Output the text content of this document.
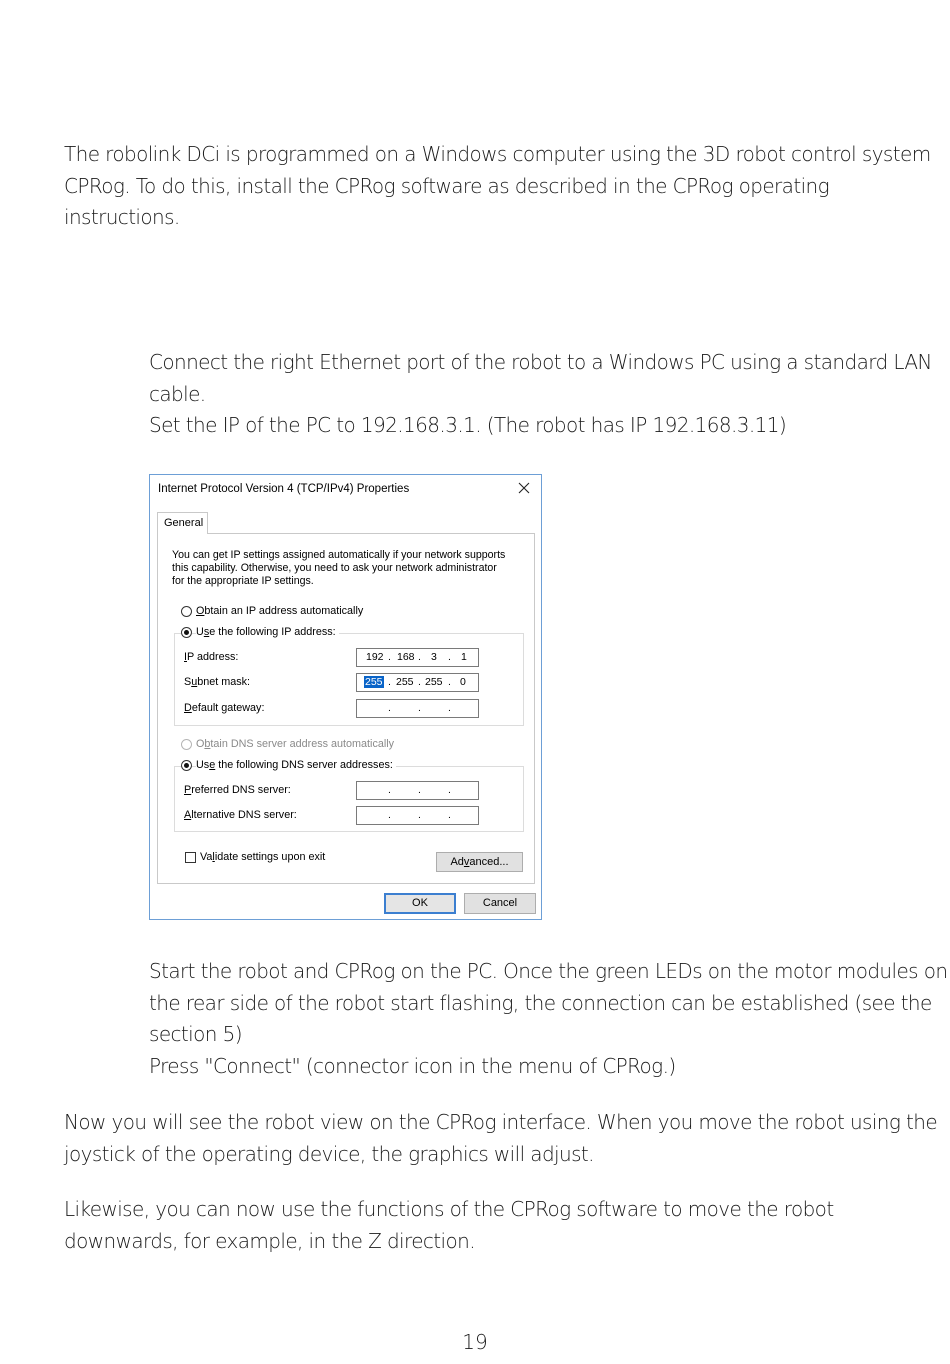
The robolink DCi is programmed on a Windows computer using the 3D robot control system
CPRog. To do this, install the CPRog software as described in the CPRog operating
instructions.
Connect the right Ethernet port of the robot to a Windows PC using a standard LAN
cable.
Set the IP of the PC to 192.168.3.1. (The robot has IP 192.168.3.11)
Internet Protocol Version 4 (TCP/IPv4) Properties
General
You can get IP settings assigned automatically if your network supports
this capability. Otherwise, you need to ask your network administrator
for the appropriate IP settings.
Obtain an IP address automatically
Use the following IP address:
IP address:	192 . 168 . 3 . 1
Subnet mask:	255 . 255 . 255 . 0
Default gateway:	.	.	.
Obtain DNS server address automatically
Use the following DNS server addresses:
Preferred DNS server:	.	.	.
Alternative DNS server:	.	.	.
Validate settings upon exit	Advanced...
OK	Cancel
Start the robot and CPRog on the PC. Once the green LEDs on the motor modules on
the rear side of the robot start flashing, the connection can be established (see the
section 5)
Press "Connect" (connector icon in the menu of CPRog.)
Now you will see the robot view on the CPRog interface. When you move the robot using the
joystick of the operating device, the graphics will adjust.
Likewise, you can now use the functions of the CPRog software to move the robot
downwards, for example, in the Z direction.
19
